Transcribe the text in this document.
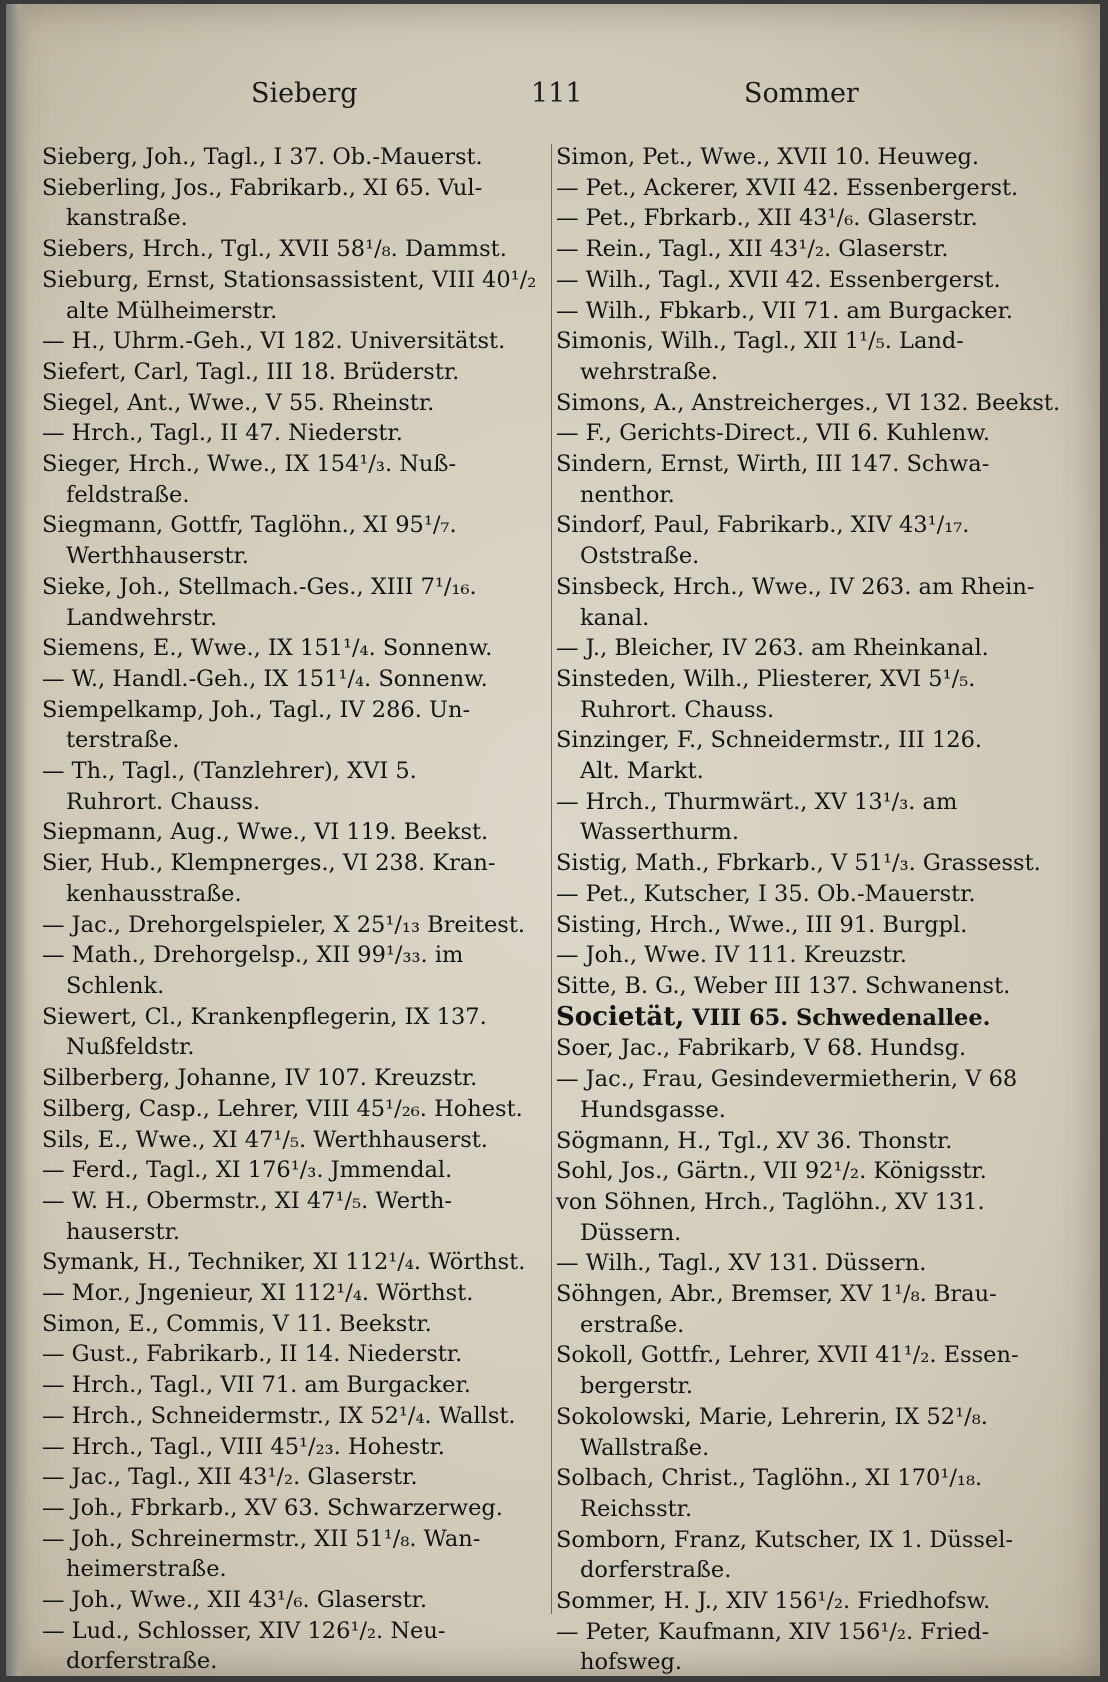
Sieberg	111	Sommer
Sieberg, Joh., Tagl., I 37. Ob.-Mauerst.
Sieberling, Jos., Fabrikarb., XI 65. Vul-
kanstraße.
Siebers, Hrch., Tgl., XVII 58¹/₈. Dammst.
Sieburg, Ernst, Stationsassistent, VIII 40¹/₂
alte Mülheimerstr.
— H., Uhrm.-Geh., VI 182. Universitätst.
Siefert, Carl, Tagl., III 18. Brüderstr.
Siegel, Ant., Wwe., V 55. Rheinstr.
— Hrch., Tagl., II 47. Niederstr.
Sieger, Hrch., Wwe., IX 154¹/₃. Nuß-
feldstraße.
Siegmann, Gottfr, Taglöhn., XI 95¹/₇.
Werthhauserstr.
Sieke, Joh., Stellmach.-Ges., XIII 7¹/₁₆.
Landwehrstr.
Siemens, E., Wwe., IX 151¹/₄. Sonnenw.
— W., Handl.-Geh., IX 151¹/₄. Sonnenw.
Siempelkamp, Joh., Tagl., IV 286. Un-
terstraße.
— Th., Tagl., (Tanzlehrer), XVI 5.
Ruhrort. Chauss.
Siepmann, Aug., Wwe., VI 119. Beekst.
Sier, Hub., Klempnerges., VI 238. Kran-
kenhausstraße.
— Jac., Drehorgelspieler, X 25¹/₁₃ Breitest.
— Math., Drehorgelsp., XII 99¹/₃₃. im
Schlenk.
Siewert, Cl., Krankenpflegerin, IX 137.
Nußfeldstr.
Silberberg, Johanne, IV 107. Kreuzstr.
Silberg, Casp., Lehrer, VIII 45¹/₂₆. Hohest.
Sils, E., Wwe., XI 47¹/₅. Werthhauserst.
— Ferd., Tagl., XI 176¹/₃. Jmmendal.
— W. H., Obermstr., XI 47¹/₅. Werth-
hauserstr.
Symank, H., Techniker, XI 112¹/₄. Wörthst.
— Mor., Jngenieur, XI 112¹/₄. Wörthst.
Simon, E., Commis, V 11. Beekstr.
— Gust., Fabrikarb., II 14. Niederstr.
— Hrch., Tagl., VII 71. am Burgacker.
— Hrch., Schneidermstr., IX 52¹/₄. Wallst.
— Hrch., Tagl., VIII 45¹/₂₃. Hohestr.
— Jac., Tagl., XII 43¹/₂. Glaserstr.
— Joh., Fbrkarb., XV 63. Schwarzerweg.
— Joh., Schreinermstr., XII 51¹/₈. Wan-
heimerstraße.
— Joh., Wwe., XII 43¹/₆. Glaserstr.
— Lud., Schlosser, XIV 126¹/₂. Neu-
dorferstraße.
Simon, Pet., Wwe., XVII 10. Heuweg.
— Pet., Ackerer, XVII 42. Essenbergerst.
— Pet., Fbrkarb., XII 43¹/₆. Glaserstr.
— Rein., Tagl., XII 43¹/₂. Glaserstr.
— Wilh., Tagl., XVII 42. Essenbergerst.
— Wilh., Fbkarb., VII 71. am Burgacker.
Simonis, Wilh., Tagl., XII 1¹/₅. Land-
wehrstraße.
Simons, A., Anstreicherges., VI 132. Beekst.
— F., Gerichts-Direct., VII 6. Kuhlenw.
Sindern, Ernst, Wirth, III 147. Schwa-
nenthor.
Sindorf, Paul, Fabrikarb., XIV 43¹/₁₇.
Oststraße.
Sinsbeck, Hrch., Wwe., IV 263. am Rhein-
kanal.
— J., Bleicher, IV 263. am Rheinkanal.
Sinsteden, Wilh., Pliesterer, XVI 5¹/₅.
Ruhrort. Chauss.
Sinzinger, F., Schneidermstr., III 126.
Alt. Markt.
— Hrch., Thurmwärt., XV 13¹/₃. am
Wasserthurm.
Sistig, Math., Fbrkarb., V 51¹/₃. Grassesst.
— Pet., Kutscher, I 35. Ob.-Mauerstr.
Sisting, Hrch., Wwe., III 91. Burgpl.
— Joh., Wwe. IV 111. Kreuzstr.
Sitte, B. G., Weber III 137. Schwanenst.
Societät, VIII 65. Schwedenallee.
Soer, Jac., Fabrikarb, V 68. Hundsg.
— Jac., Frau, Gesindevermietherin, V 68
Hundsgasse.
Sögmann, H., Tgl., XV 36. Thonstr.
Sohl, Jos., Gärtn., VII 92¹/₂. Königsstr.
von Söhnen, Hrch., Taglöhn., XV 131.
Düssern.
— Wilh., Tagl., XV 131. Düssern.
Söhngen, Abr., Bremser, XV 1¹/₈. Brau-
erstraße.
Sokoll, Gottfr., Lehrer, XVII 41¹/₂. Essen-
bergerstr.
Sokolowski, Marie, Lehrerin, IX 52¹/₈.
Wallstraße.
Solbach, Christ., Taglöhn., XI 170¹/₁₈.
Reichsstr.
Somborn, Franz, Kutscher, IX 1. Düssel-
dorferstraße.
Sommer, H. J., XIV 156¹/₂. Friedhofsw.
— Peter, Kaufmann, XIV 156¹/₂. Fried-
hofsweg.
